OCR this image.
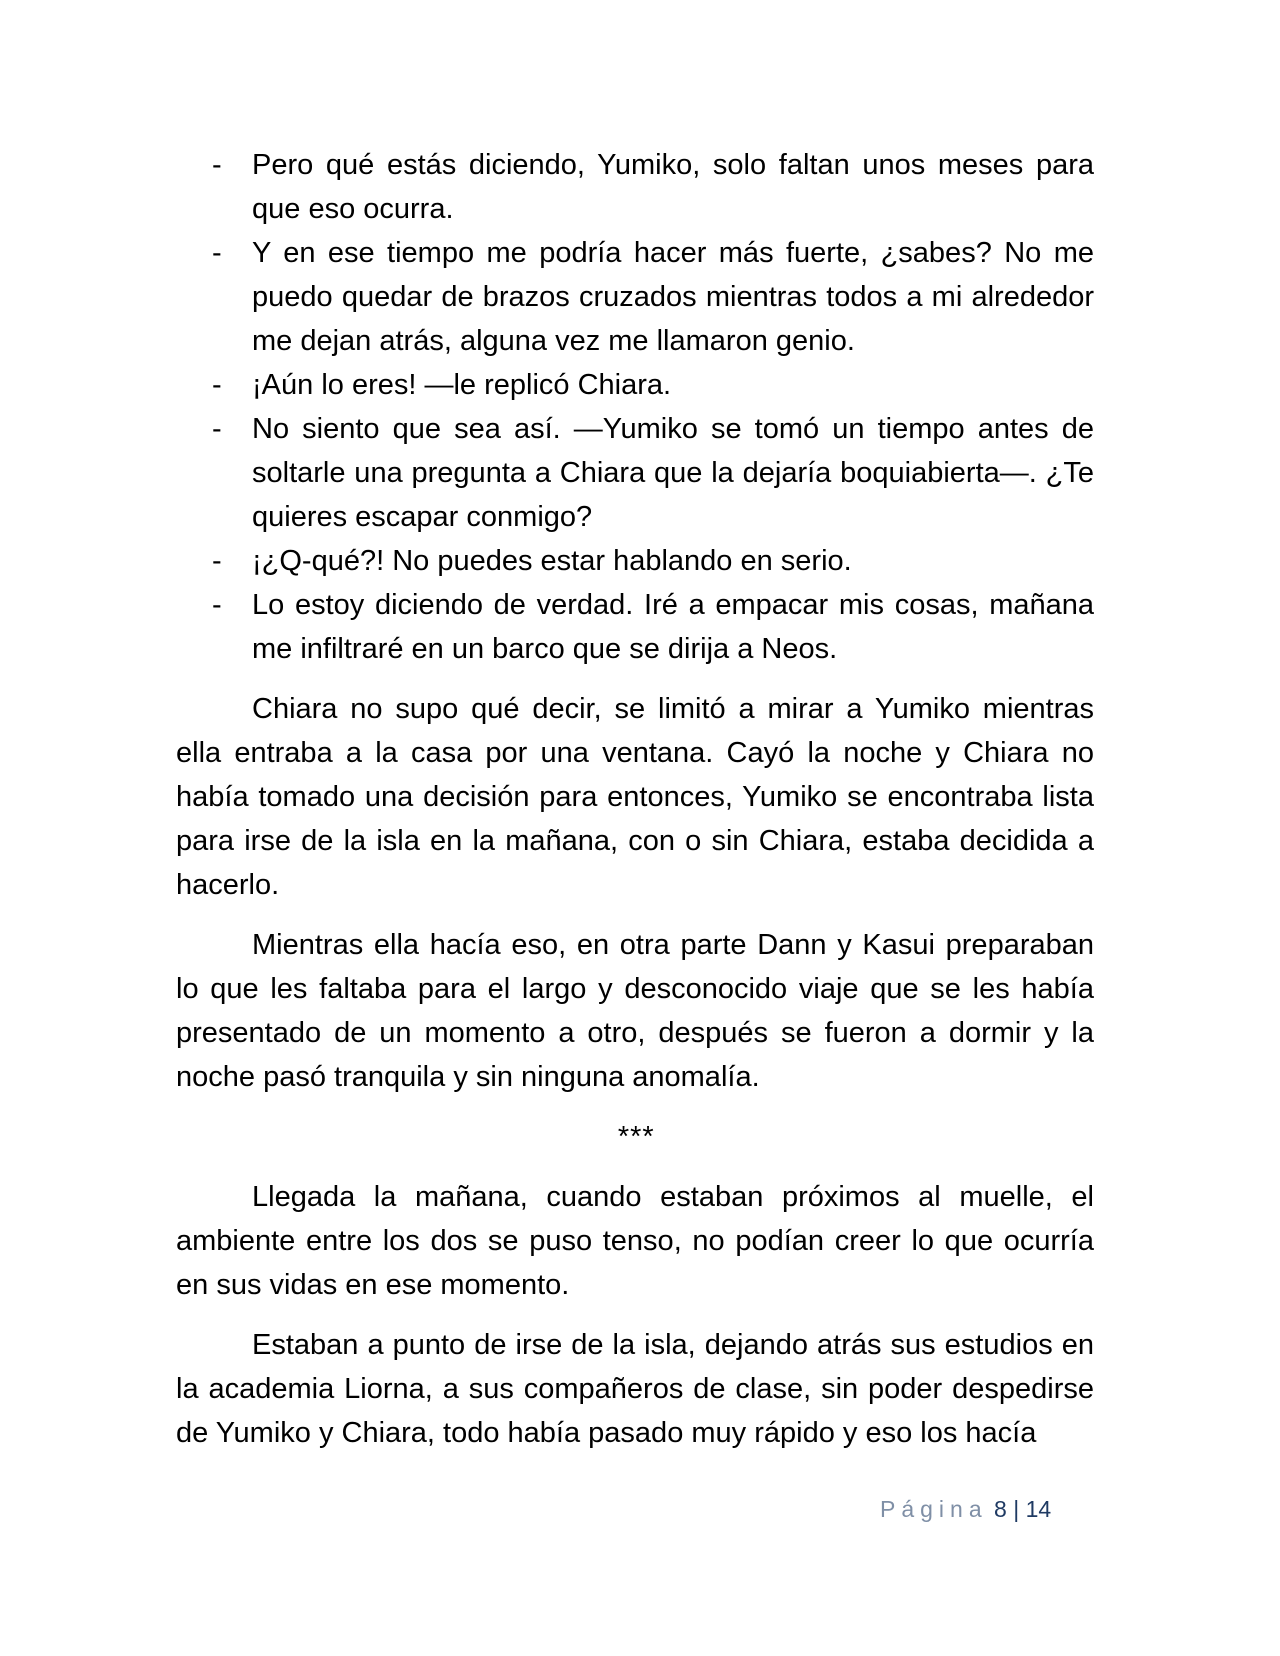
- Pero qué estás diciendo, Yumiko, solo faltan unos meses para que eso ocurra.
- Y en ese tiempo me podría hacer más fuerte, ¿sabes? No me puedo quedar de brazos cruzados mientras todos a mi alrededor me dejan atrás, alguna vez me llamaron genio.
- ¡Aún lo eres! —le replicó Chiara.
- No siento que sea así. —Yumiko se tomó un tiempo antes de soltarle una pregunta a Chiara que la dejaría boquiabierta—. ¿Te quieres escapar conmigo?
- ¡¿Q-qué?! No puedes estar hablando en serio.
- Lo estoy diciendo de verdad. Iré a empacar mis cosas, mañana me infiltraré en un barco que se dirija a Neos.

Chiara no supo qué decir, se limitó a mirar a Yumiko mientras ella entraba a la casa por una ventana. Cayó la noche y Chiara no había tomado una decisión para entonces, Yumiko se encontraba lista para irse de la isla en la mañana, con o sin Chiara, estaba decidida a hacerlo.

Mientras ella hacía eso, en otra parte Dann y Kasui preparaban lo que les faltaba para el largo y desconocido viaje que se les había presentado de un momento a otro, después se fueron a dormir y la noche pasó tranquila y sin ninguna anomalía.

***

Llegada la mañana, cuando estaban próximos al muelle, el ambiente entre los dos se puso tenso, no podían creer lo que ocurría en sus vidas en ese momento.

Estaban a punto de irse de la isla, dejando atrás sus estudios en la academia Liorna, a sus compañeros de clase, sin poder despedirse de Yumiko y Chiara, todo había pasado muy rápido y eso los hacía

Página 8 | 14
